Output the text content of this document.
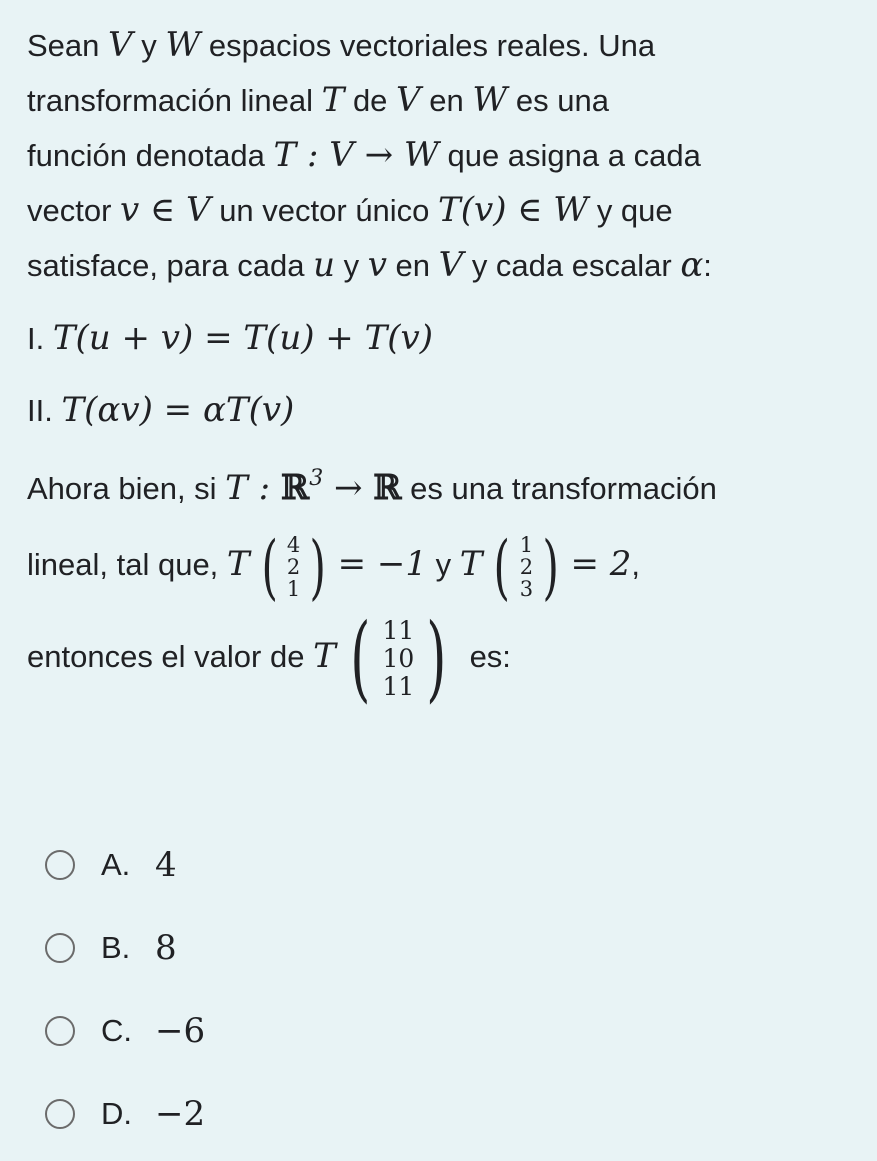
Sean V y W espacios vectoriales reales. Una
transformación lineal T de V en W es una
función denotada T : V → W que asigna a cada
vector v ∈ V un vector único T(v) ∈ W y que
satisface, para cada u y v en V y cada escalar α:
I. T(u + v) = T(u) + T(v)
II. T(αv) = αT(v)
Ahora bien, si T : ℝ$^3$ → ℝ es una transformación
lineal, tal que, T ( 4
2
1 ) = −1 y T ( 1
2
3 ) = 2,
entonces el valor de T ( 11
10
11 ) es:
A. 4
B. 8
C. −6
D. −2
